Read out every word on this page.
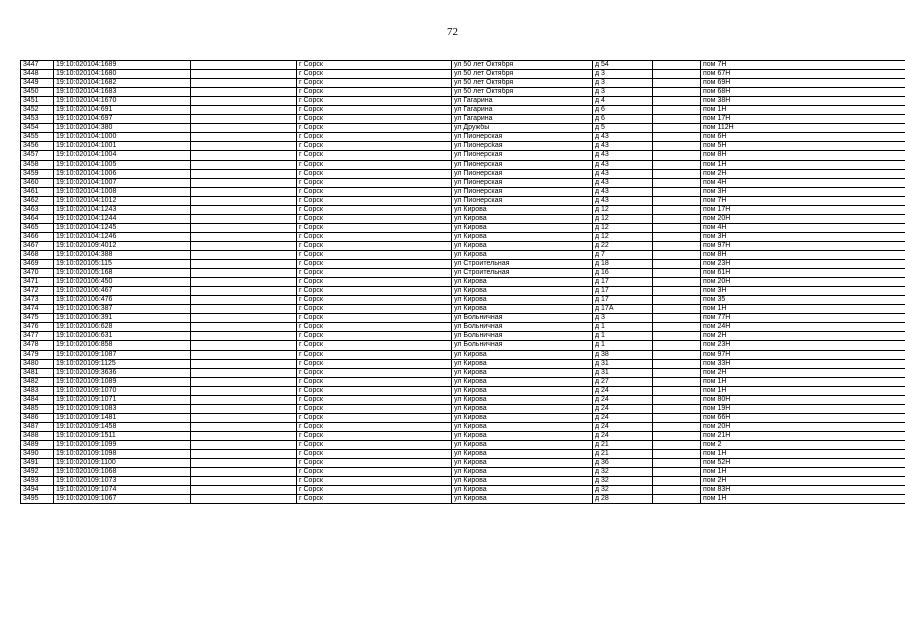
72
3447	19:10:020104:1689		г Сорск	ул 50 лет Октября	д 54		пом 7Н
3448	19:10:020104:1680		г Сорск	ул 50 лет Октября	д 3		пом 67Н
3449	19:10:020104:1682		г Сорск	ул 50 лет Октября	д 3		пом 69Н
3450	19:10:020104:1683		г Сорск	ул 50 лет Октября	д 3		пом 68Н
3451	19:10:020104:1670		г Сорск	ул Гагарина	д 4		пом 38Н
3452	19:10:020104:691		г Сорск	ул Гагарина	д 6		пом 1Н
3453	19:10:020104:697		г Сорск	ул Гагарина	д 6		пом 17Н
3454	19:10:020104:380		г Сорск	ул Дружбы	д 5		пом 112Н
3455	19:10:020104:1000		г Сорск	ул Пионерская	д 43		пом 6Н
3456	19:10:020104:1001		г Сорск	ул Пионерсkая	д 43		пом 5Н
3457	19:10:020104:1004		г Сорск	ул Пионерская	д 43		пом 8Н
3458	19:10:020104:1005		г Сорск	ул Пионерская	д 43		пом 1Н
3459	19:10:020104:1006		г Сорск	ул Пионерская	д 43		пом 2Н
3460	19:10:020104:1007		г Сорск	ул Пионерская	д 43		пом 4Н
3461	19:10:020104:1008		г Сорск	ул Пионерская	д 43		пом 3Н
3462	19:10:020104:1012		г Сорск	ул Пионерская	д 43		пом 7Н
3463	19:10:020104:1243		г Сорск	ул Кирова	д 12		пом 17Н
3464	19:10:020104:1244		г Сорск	ул Кирова	д 12		пом 20Н
3465	19:10:020104:1245		г Сорск	ул Кирова	д 12		пом 4Н
3466	19:10:020104:1246		г Сорск	ул Кирова	д 12		пом 3Н
3467	19:10:020109:4012		г Сорск	ул Кирова	д 22		пом 97Н
3468	19:10:020104:388		г Сорск	ул Кирова	д 7		пом 8Н
3469	19:10:020105:115		г Сорск	ул Строительная	д 18		пом 23Н
3470	19:10:020105:168		г Сорск	ул Строительная	д 16		пом 61Н
3471	19:10:020106:450		г Сорск	ул Кирова	д 17		пом 20Н
3472	19:10:020106:467		г Сорск	ул Кирова	д 17		пом 3Н
3473	19:10:020106:476		г Сорск	ул Кирова	д 17		пом 35
3474	19:10:020106:387		г Сорск	ул Кирова	д 17А		пом 1Н
3475	19:10:020106:391		г Сорск	ул Больничная	д 3		пом 77Н
3476	19:10:020106:628		г Сорск	ул Больничная	д 1		пом 24Н
3477	19:10:020106:631		г Сорск	ул Больничная	д 1		пом 2Н
3478	19:10:020106:858		г Сорск	ул Больничная	д 1		пом 23Н
3479	19:10:020109:1087		г Сорск	ул Кирова	д 38		пом 97Н
3480	19:10:020109:1125		г Сорск	ул Кирова	д 31		пом 33Н
3481	19:10:020109:3636		г Сорск	ул Кирова	д 31		пом 2Н
3482	19:10:020109:1089		г Сорск	ул Кирова	д 27		пом 1Н
3483	19:10:020109:1070		г Сорск	ул Кирова	д 24		пом 1Н
3484	19:10:020109:1071		г Сорск	ул Кирова	д 24		пом 80Н
3485	19:10:020109:1083		г Сорск	ул Кирова	д 24		пом 19Н
3486	19:10:020109:1481		г Сорск	ул Кирова	д 24		пом 66Н
3487	19:10:020109:1458		г Сорск	ул Кирова	д 24		пом 20Н
3488	19:10:020109:1511		г Сорск	ул Кирова	д 24		пом 21Н
3489	19:10:020109:1099		г Сорск	ул Кирова	д 21		пом 2
3490	19:10:020109:1098		г Сорск	ул Кирова	д 21		пом 1Н
3491	19:10:020109:1100		г Сорск	ул Кирова	д 36		пом 52Н
3492	19:10:020109:1068		г Сорск	ул Кирова	д 32		пом 1Н
3493	19:10:020109:1073		г Сорск	ул Кирова	д 32		пом 2Н
3494	19:10:020109:1074		г Сорск	ул Кирова	д 32		пом 83Н
3495	19:10:020109:1067		г Сорск	ул Кирова	д 28		пом 1Н
